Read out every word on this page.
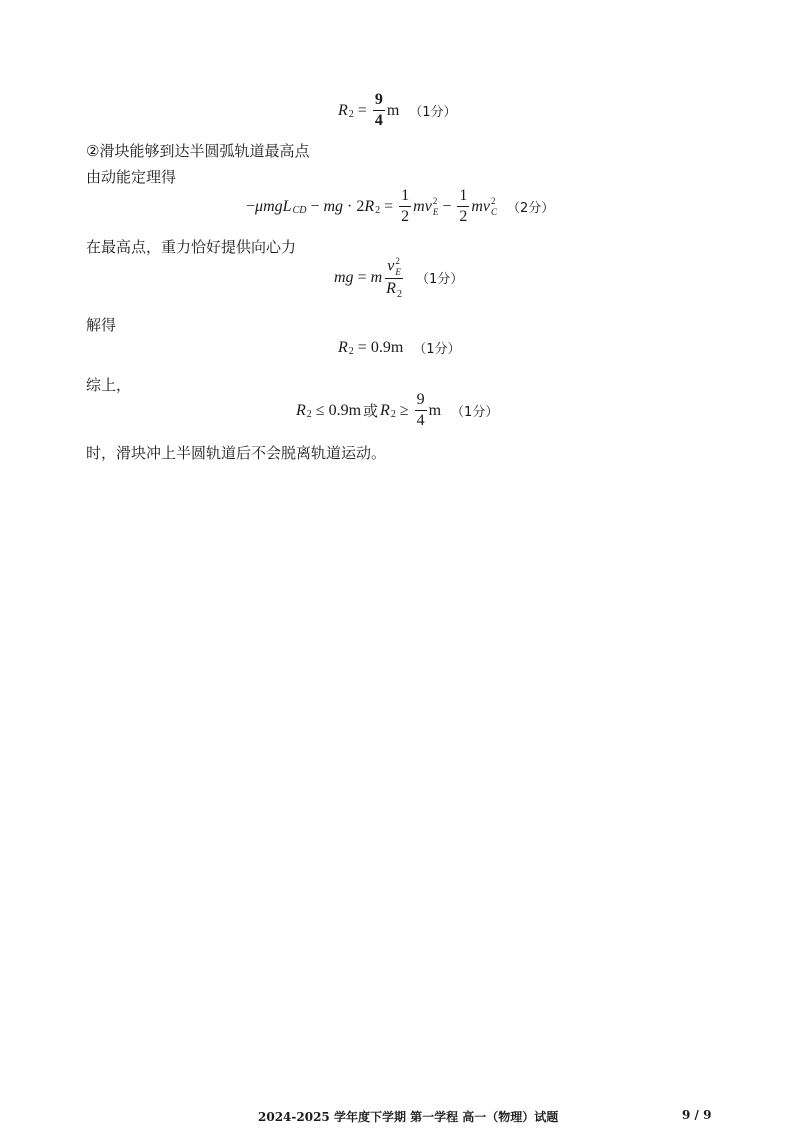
R $2 = \frac{9}{4}$ m （1分）
②滑块能够到达半圆弧轨道最高点
由动能定理得
− μ mg L CD − mg · 2 R $2 = \frac{1}{2}$ mv 2
$E - \frac{1}{2}$ mv 2
C （2分）
在最高点，重力恰好提供向心力
mg = m v 2
E
$R_2$ （1分）
解得
R 2 = 0.9m （1分）
综上，
R 2 ≤ 0.9m 或 R $2 \ge \frac{9}{4}$ m （1分）
时，滑块冲上半圆轨道后不会脱离轨道运动。
2024-2025 学年度下学期 第一学程 高一（物理）试题	9 / 9
